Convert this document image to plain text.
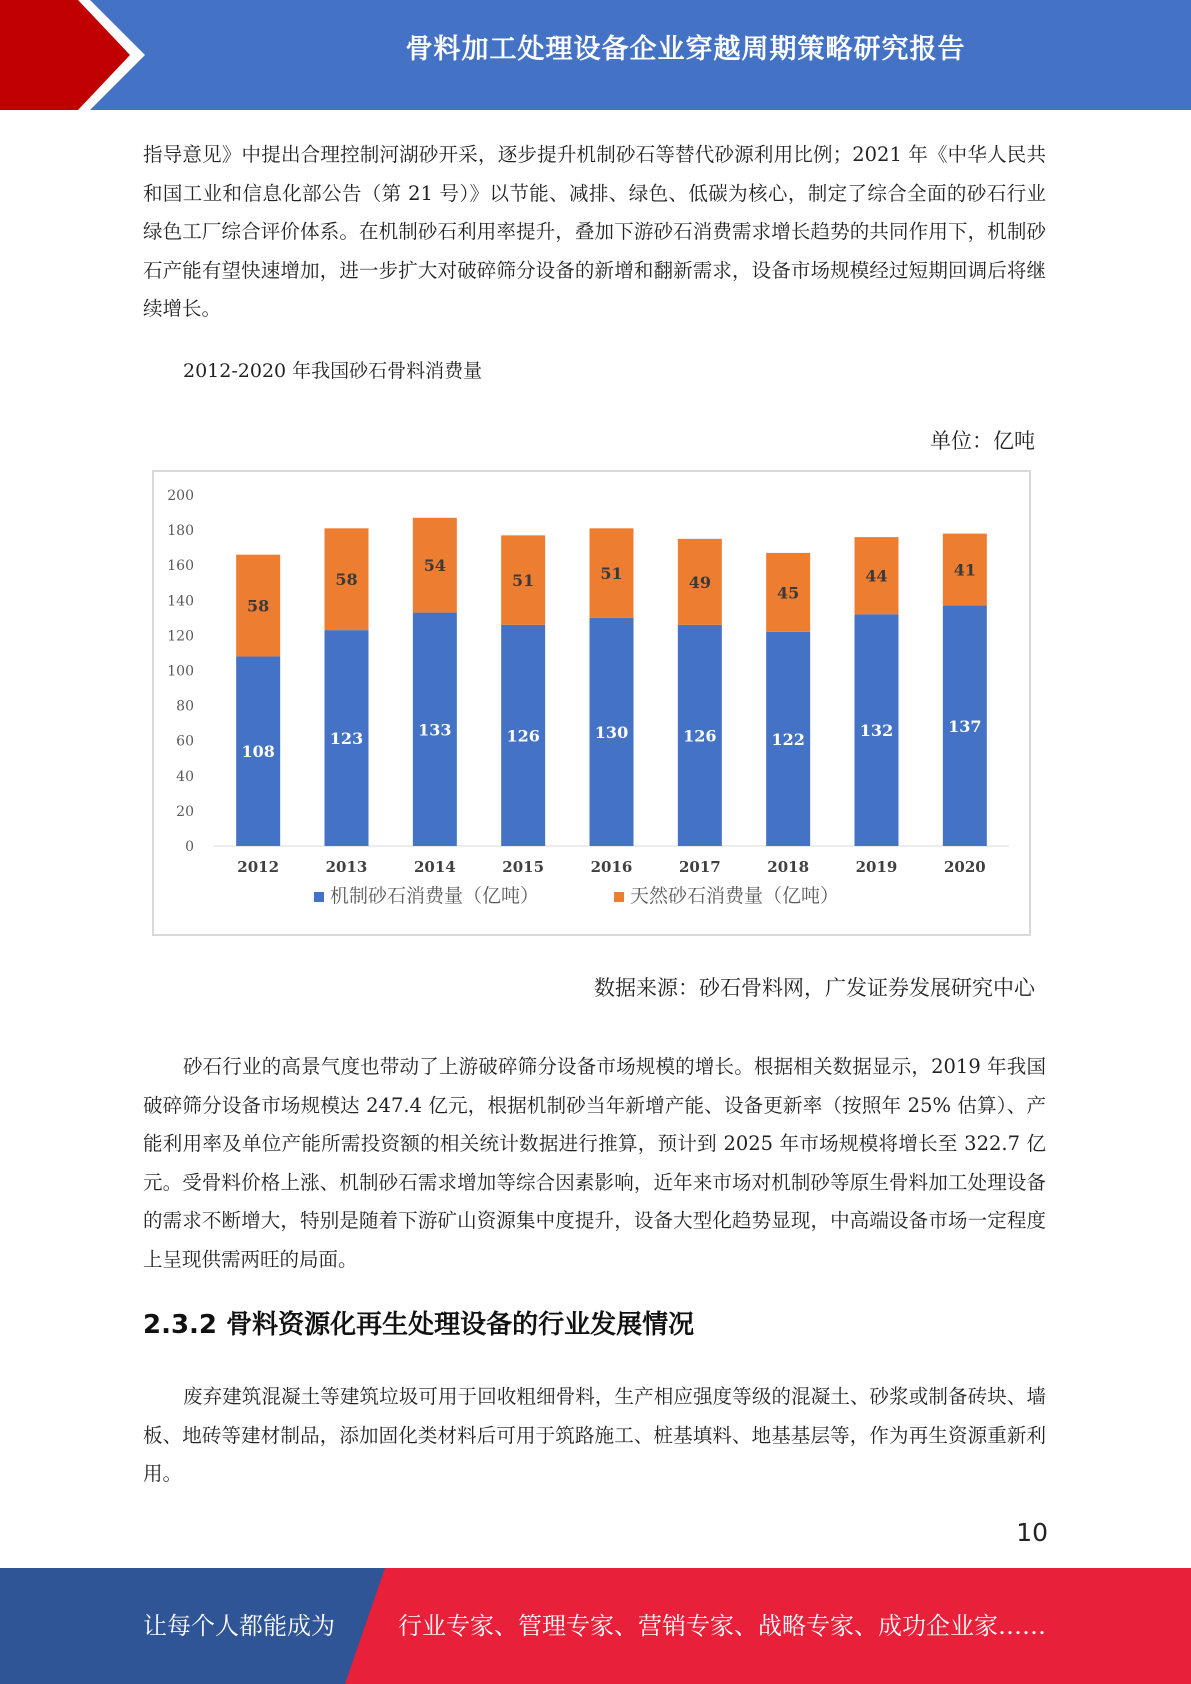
骨料加工处理设备企业穿越周期策略研究报告

指导意见》中提出合理控制河湖砂开采，逐步提升机制砂石等替代砂源利用比例；2021 年《中华人民共和国工业和信息化部公告（第 21 号）》以节能、减排、绿色、低碳为核心，制定了综合全面的砂石行业绿色工厂综合评价体系。在机制砂石利用率提升，叠加下游砂石消费需求增长趋势的共同作用下，机制砂石产能有望快速增加，进一步扩大对破碎筛分设备的新增和翻新需求，设备市场规模经过短期回调后将继续增长。

2012-2020 年我国砂石骨料消费量
单位：亿吨
0
20
40
60
80
100
120
140
160
180
200
108
58
2012
123
58
2013
133
54
2014
126
51
2015
130
51
2016
126
49
2017
122
45
2018
132
44
2019
137
41
2020
机制砂石消费量（亿吨）	天然砂石消费量（亿吨）
数据来源：砂石骨料网，广发证券发展研究中心

砂石行业的高景气度也带动了上游破碎筛分设备市场规模的增长。根据相关数据显示，2019 年我国破碎筛分设备市场规模达 247.4 亿元，根据机制砂当年新增产能、设备更新率（按照年 25% 估算）、产能利用率及单位产能所需投资额的相关统计数据进行推算，预计到 2025 年市场规模将增长至 322.7 亿元。受骨料价格上涨、机制砂石需求增加等综合因素影响，近年来市场对机制砂等原生骨料加工处理设备的需求不断增大，特别是随着下游矿山资源集中度提升，设备大型化趋势显现，中高端设备市场一定程度上呈现供需两旺的局面。

2.3.2 骨料资源化再生处理设备的行业发展情况

废弃建筑混凝土等建筑垃圾可用于回收粗细骨料，生产相应强度等级的混凝土、砂浆或制备砖块、墙板、地砖等建材制品，添加固化类材料后可用于筑路施工、桩基填料、地基基层等，作为再生资源重新利用。

10
让每个人都能成为	行业专家、管理专家、营销专家、战略专家、成功企业家……
